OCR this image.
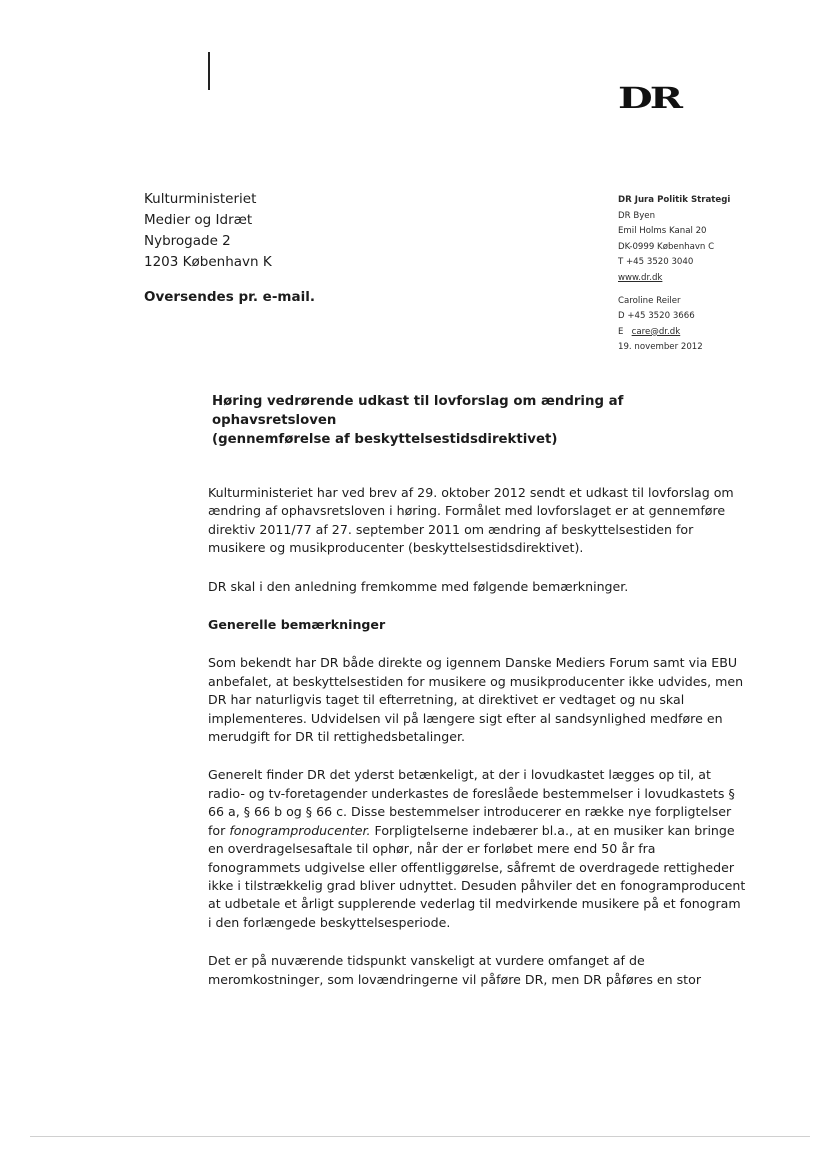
DR
Kulturministeriet
Medier og Idræt
Nybrogade 2
1203 København K
Oversendes pr. e-mail.
DR Jura Politik Strategi
DR Byen
Emil Holms Kanal 20
DK-0999 København C
T +45 3520 3040
www.dr.dk
Caroline Reiler
D +45 3520 3666
E care@dr.dk
19. november 2012
Høring vedrørende udkast til lovforslag om ændring af ophavsretsloven
(gennemførelse af beskyttelsestidsdirektivet)

Kulturministeriet har ved brev af 29. oktober 2012 sendt et udkast til lovforslag om ændring af ophavsretsloven i høring. Formålet med lovforslaget er at gennemføre direktiv 2011/77 af 27. september 2011 om ændring af beskyttelsestiden for musikere og musikproducenter (beskyttelsestidsdirektivet).

DR skal i den anledning fremkomme med følgende bemærkninger.

Generelle bemærkninger

Som bekendt har DR både direkte og igennem Danske Mediers Forum samt via EBU anbefalet, at beskyttelsestiden for musikere og musikproducenter ikke udvides, men DR har naturligvis taget til efterretning, at direktivet er vedtaget og nu skal implementeres. Udvidelsen vil på længere sigt efter al sandsynlighed medføre en merudgift for DR til rettighedsbetalinger.

Generelt finder DR det yderst betænkeligt, at der i lovudkastet lægges op til, at radio- og tv-foretagender underkastes de foreslåede bestemmelser i lovudkastets § 66 a, § 66 b og § 66 c. Disse bestemmelser introducerer en række nye forpligtelser for fonogramproducenter. Forpligtelserne indebærer bl.a., at en musiker kan bringe en overdragelsesaftale til ophør, når der er forløbet mere end 50 år fra fonogrammets udgivelse eller offentliggørelse, såfremt de overdragede rettigheder ikke i tilstrækkelig grad bliver udnyttet. Desuden påhviler det en fonogramproducent at udbetale et årligt supplerende vederlag til medvirkende musikere på et fonogram i den forlængede beskyttelsesperiode.

Det er på nuværende tidspunkt vanskeligt at vurdere omfanget af de meromkostninger, som lovændringerne vil påføre DR, men DR påføres en stor
